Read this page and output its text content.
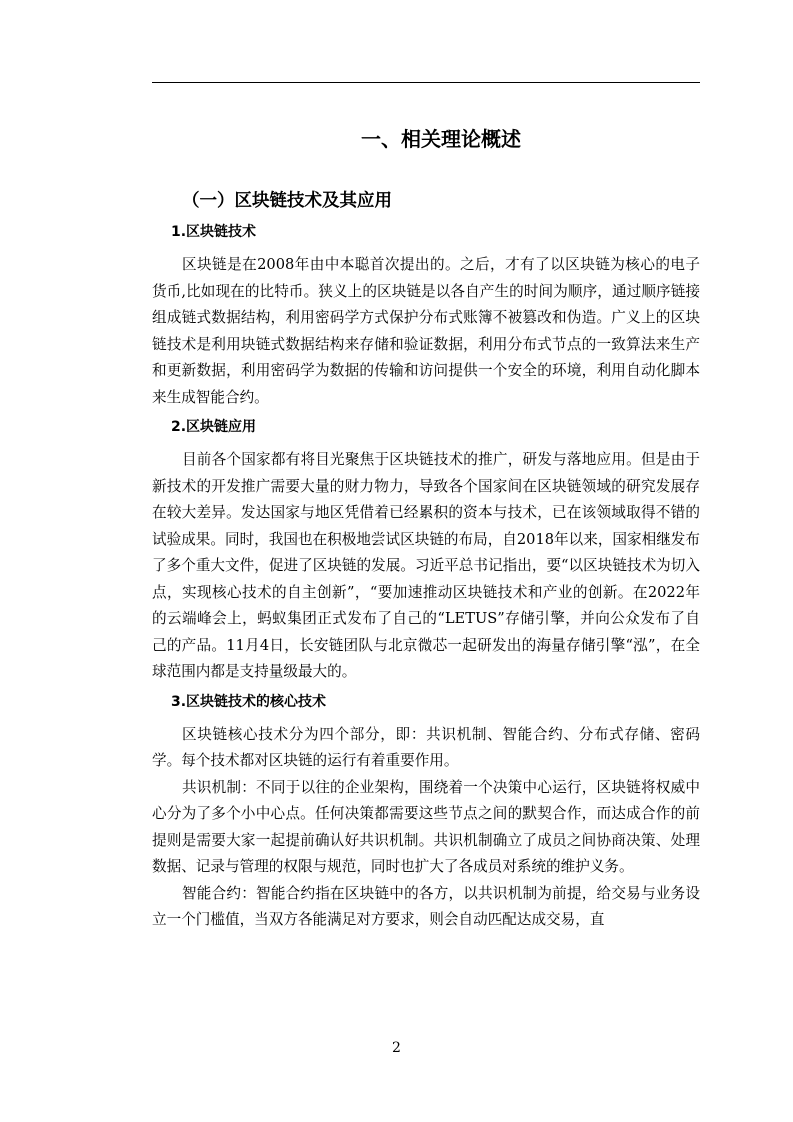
一、相关理论概述
（一）区块链技术及其应用
1.区块链技术

区块链是在2008年由中本聪首次提出的。之后，才有了以区块链为核心的电子货币,比如现在的比特币。狭义上的区块链是以各自产生的时间为顺序，通过顺序链接组成链式数据结构，利用密码学方式保护分布式账簿不被篡改和伪造。广义上的区块链技术是利用块链式数据结构来存储和验证数据，利用分布式节点的一致算法来生产和更新数据，利用密码学为数据的传输和访问提供一个安全的环境，利用自动化脚本来生成智能合约。

2.区块链应用

目前各个国家都有将目光聚焦于区块链技术的推广，研发与落地应用。但是由于新技术的开发推广需要大量的财力物力，导致各个国家间在区块链领域的研究发展存在较大差异。发达国家与地区凭借着已经累积的资本与技术，已在该领域取得不错的试验成果。同时，我国也在积极地尝试区块链的布局，自2018年以来，国家相继发布了多个重大文件，促进了区块链的发展。习近平总书记指出，要“以区块链技术为切入点，实现核心技术的自主创新”，“要加速推动区块链技术和产业的创新。在2022年的云端峰会上，蚂蚁集团正式发布了自己的“LETUS”存储引擎，并向公众发布了自己的产品。11月4日，长安链团队与北京微芯一起研发出的海量存储引擎“泓”，在全球范围内都是支持量级最大的。

3.区块链技术的核心技术

区块链核心技术分为四个部分，即：共识机制、智能合约、分布式存储、密码学。每个技术都对区块链的运行有着重要作用。

共识机制：不同于以往的企业架构，围绕着一个决策中心运行，区块链将权威中心分为了多个小中心点。任何决策都需要这些节点之间的默契合作，而达成合作的前提则是需要大家一起提前确认好共识机制。共识机制确立了成员之间协商决策、处理数据、记录与管理的权限与规范，同时也扩大了各成员对系统的维护义务。

智能合约：智能合约指在区块链中的各方，以共识机制为前提，给交易与业务设立一个门槛值，当双方各能满足对方要求，则会自动匹配达成交易，直

2
